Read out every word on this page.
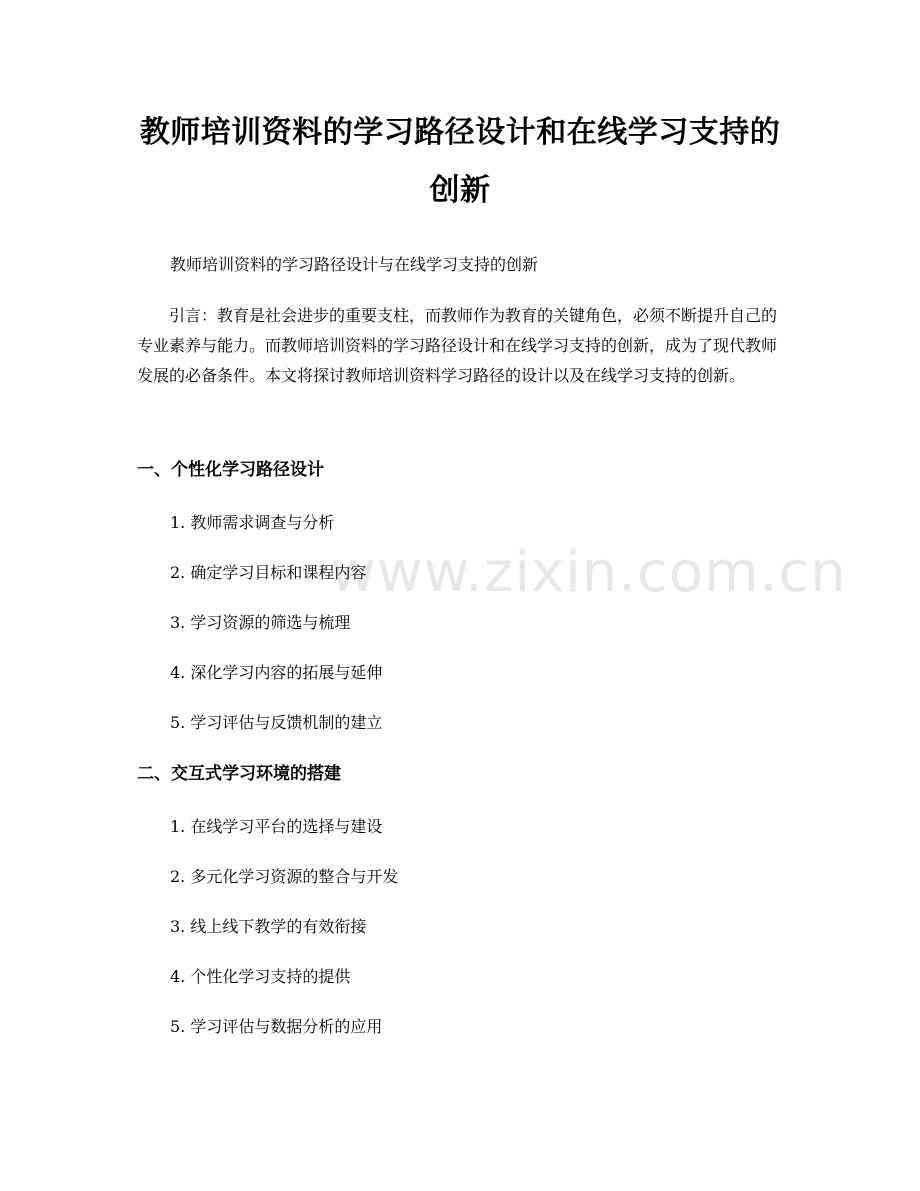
教师培训资料的学习路径设计和在线学习支持的创新

教师培训资料的学习路径设计与在线学习支持的创新

引言：教育是社会进步的重要支柱，而教师作为教育的关键角色，必须不断提升自己的专业素养与能力。而教师培训资料的学习路径设计和在线学习支持的创新，成为了现代教师发展的必备条件。本文将探讨教师培训资料学习路径的设计以及在线学习支持的创新。

一、个性化学习路径设计
1. 教师需求调查与分析
2. 确定学习目标和课程内容
3. 学习资源的筛选与梳理
4. 深化学习内容的拓展与延伸
5. 学习评估与反馈机制的建立
二、交互式学习环境的搭建
1. 在线学习平台的选择与建设
2. 多元化学习资源的整合与开发
3. 线上线下教学的有效衔接
4. 个性化学习支持的提供
5. 学习评估与数据分析的应用
www.zixin.com.cn
